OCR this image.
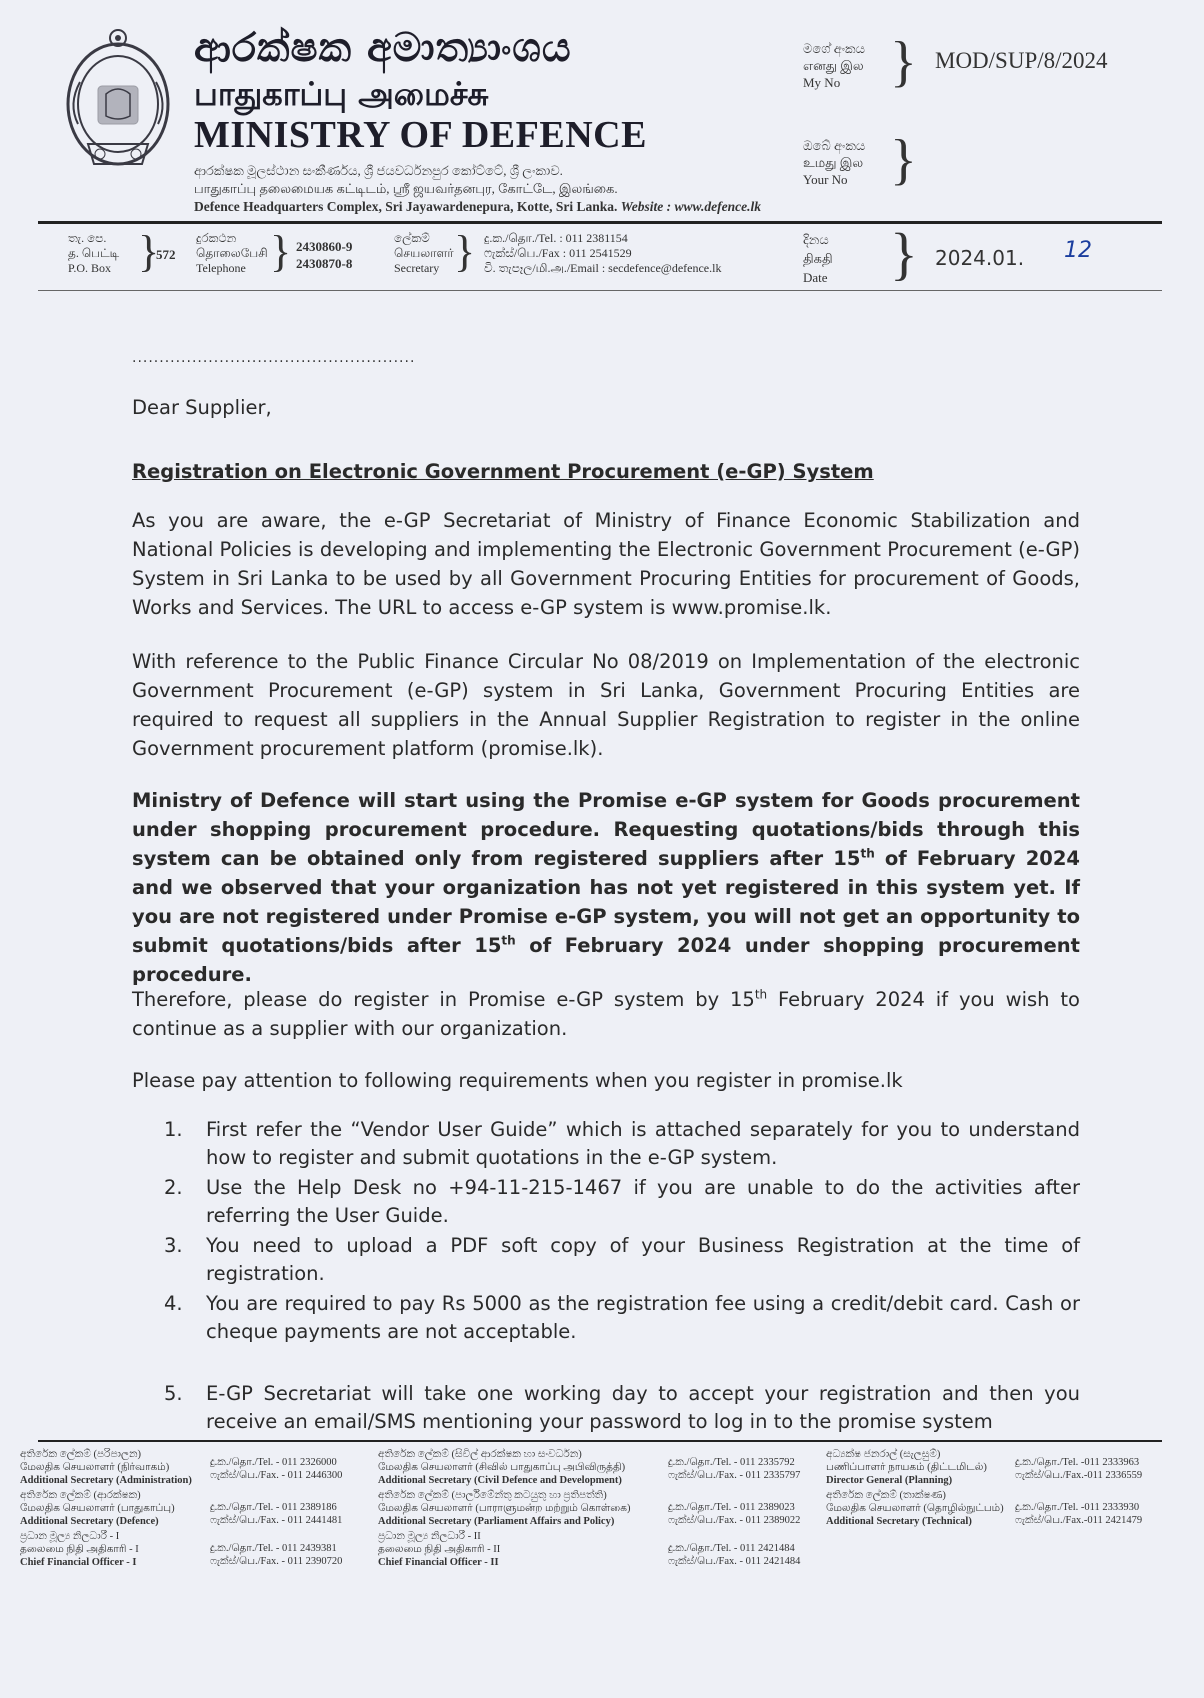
ආරක්ෂක අමාත්‍යාංශය
பாதுகாப்பு அமைச்சு
MINISTRY OF DEFENCE
ආරක්ෂක මූලස්ථාන සංකීර්ණය, ශ්‍රී ජයවර්ධනපුර කෝට්ටේ, ශ්‍රී ලංකාව.
பாதுகாப்பு தலைமையக கட்டிடம், ஸ்ரீ ஜயவர்தனபுர, கோட்டே, இலங்கை.
Defence Headquarters Complex, Sri Jayawardenepura, Kotte, Sri Lanka. Website : www.defence.lk
මගේ අංකය
எனது இல
My No } MOD/SUP/8/2024
ඔබේ අංකය
உமது இல
Your No }
තැ. පෙ.
த. பெட்டி
P.O. Box }
572
දුරකථන
தொலைபேசி
Telephone } 2430860-9
2430870-8
ලේකම්
செயலாளர்
Secretary } දු.ක./தொ./Tel. : 011 2381154
ෆැක්ස්/பெ./Fax : 011 2541529
වි. තැපෑල/மி.அ./Email : secdefence@defence.lk
දිනය
திகதி
Date } 2024.01. 12
....................................................
Dear Supplier,
Registration on Electronic Government Procurement (e-GP) System
As you are aware, the e-GP Secretariat of Ministry of Finance Economic Stabilization and National Policies is developing and implementing the Electronic Government Procurement (e-GP) System in Sri Lanka to be used by all Government Procuring Entities for procurement of Goods, Works and Services. The URL to access e-GP system is www.promise.lk.
With reference to the Public Finance Circular No 08/2019 on Implementation of the electronic Government Procurement (e-GP) system in Sri Lanka, Government Procuring Entities are required to request all suppliers in the Annual Supplier Registration to register in the online Government procurement platform (promise.lk).
Ministry of Defence will start using the Promise e-GP system for Goods procurement under shopping procurement procedure. Requesting quotations/bids through this system can be obtained only from registered suppliers after 15th of February 2024 and we observed that your organization has not yet registered in this system yet. If you are not registered under Promise e-GP system, you will not get an opportunity to submit quotations/bids after 15th of February 2024 under shopping procurement procedure.
Therefore, please do register in Promise e-GP system by 15th February 2024 if you wish to continue as a supplier with our organization.
Please pay attention to following requirements when you register in promise.lk
1. First refer the “Vendor User Guide” which is attached separately for you to understand how to register and submit quotations in the e-GP system.
2. Use the Help Desk no +94-11-215-1467 if you are unable to do the activities after referring the User Guide.
3. You need to upload a PDF soft copy of your Business Registration at the time of registration.
4. You are required to pay Rs 5000 as the registration fee using a credit/debit card. Cash or cheque payments are not acceptable.
5. E-GP Secretariat will take one working day to accept your registration and then you receive an email/SMS mentioning your password to log in to the promise system
අතිරේක ලේකම් (පරිපාලන)
மேலதிக செயலாளர் (நிர்வாகம்)
Additional Secretary (Administration)
දු.ක./தொ./Tel. - 011 2326000
ෆැක්ස්/பெ./Fax. - 011 2446300
අතිරේක ලේකම් (ආරක්ෂක)
மேலதிக செயலாளர் (பாதுகாப்பு)
Additional Secretary (Defence)
දු.ක./தொ./Tel. - 011 2389186
ෆැක්ස්/பெ./Fax. - 011 2441481
ප්‍රධාන මූල්‍ය නිලධාරී - I
தலைமை நிதி அதிகாரி - I
Chief Financial Officer - I
දු.ක./தொ./Tel. - 011 2439381
ෆැක්ස්/பெ./Fax. - 011 2390720
අතිරේක ලේකම් (සිවිල් ආරක්ෂක හා සංවර්ධන)
மேலதிக செயலாளர் (சிவில் பாதுகாப்பு அபிவிருத்தி)
Additional Secretary (Civil Defence and Development)
දු.ක./தொ./Tel. - 011 2335792
ෆැක්ස්/பெ./Fax. - 011 2335797
අතිරේක ලේකම් (පාර්ලිමේන්තු කටයුතු හා ප්‍රතිපත්ති)
மேலதிக செயலாளர் (பாராளுமன்ற மற்றும் கொள்கை)
Additional Secretary (Parliament Affairs and Policy)
දු.ක./தொ./Tel. - 011 2389023
ෆැක්ස්/பெ./Fax. - 011 2389022
ප්‍රධාන මූල්‍ය නිලධාරී - II
தலைமை நிதி அதிகாரி - II
Chief Financial Officer - II
දු.ක./தொ./Tel. - 011 2421484
ෆැක්ස්/பெ./Fax. - 011 2421484
අධ්‍යක්ෂ ජනරාල් (සැලසුම්)
பணிப்பாளர் நாயகம் (திட்டமிடல்)
Director General (Planning)
දු.ක./தொ./Tel. -011 2333963
ෆැක්ස්/பெ./Fax.-011 2336559
අතිරේක ලේකම් (තාක්ෂණ)
மேலதிக செயலாளர் (தொழில்நுட்பம்)
Additional Secretary (Technical)
දු.ක./தொ./Tel. -011 2333930
ෆැක්ස්/பெ./Fax.-011 2421479
